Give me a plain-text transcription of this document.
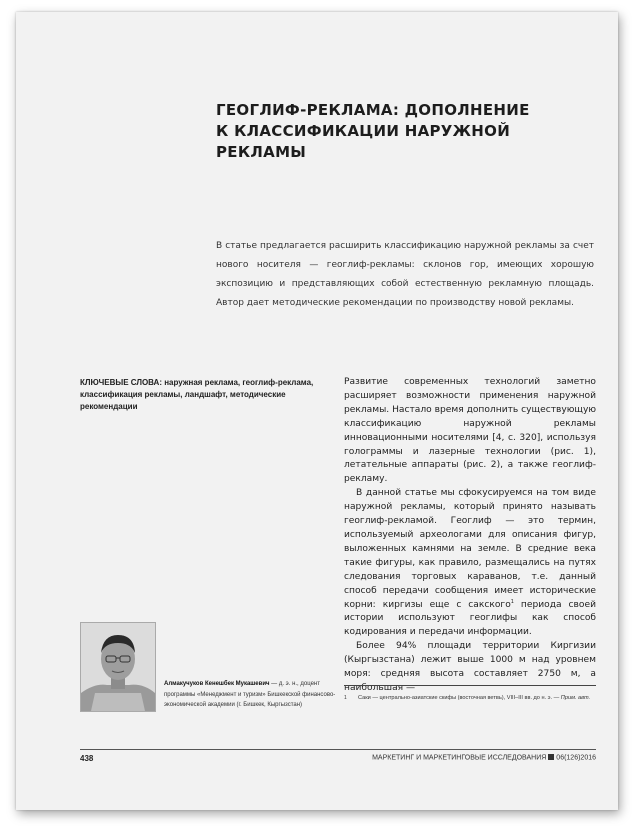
ГЕОГЛИФ-РЕКЛАМА: ДОПОЛНЕНИЕ
К КЛАССИФИКАЦИИ НАРУЖНОЙ РЕКЛАМЫ

В статье предлагается расширить классификацию наружной рекламы за счет нового носителя — геоглиф-рекламы: склонов гор, имеющих хорошую экспозицию и представляющих собой естественную рекламную площадь. Автор дает методические рекомендации по производству новой рекламы.

КЛЮЧЕВЫЕ СЛОВА: наружная реклама, геоглиф-реклама, классификация рекламы, ландшафт, методические рекомендации

Развитие современных технологий заметно расширяет возможности применения наружной рекламы. Настало время дополнить существующую классификацию наружной рекламы инновационными носителями [4, с. 320], используя голограммы и лазерные технологии (рис. 1), летательные аппараты (рис. 2), а также геоглиф-рекламу.

В данной статье мы сфокусируемся на том виде наружной рекламы, который принято называть геоглиф-рекламой. Геоглиф — это термин, используемый археологами для описания фигур, выложенных камнями на земле. В средние века такие фигуры, как правило, размещались на путях следования торговых караванов, т.е. данный способ передачи сообщения имеет исторические корни: киргизы еще с сакского$^1$ периода своей истории используют геоглифы как способ кодирования и передачи информации.

Более 94% площади территории Киргизии (Кыргызстана) лежит выше 1000 м над уровнем моря: средняя высота составляет 2750 м, а наибольшая —

Алмакучуков Кенешбек Мукашевич — д. э. н., доцент программы «Менеджмент и туризм» Бишкекской финансово-экономической академии (г. Бишкек, Кыргызстан)

1 Саки — центрально-азиатские скифы (восточная ветвь), VIII–III вв. до н. э. — Прим. авт.

438	МАРКЕТИНГ И МАРКЕТИНГОВЫЕ ИССЛЕДОВАНИЯ 06(126)2016
